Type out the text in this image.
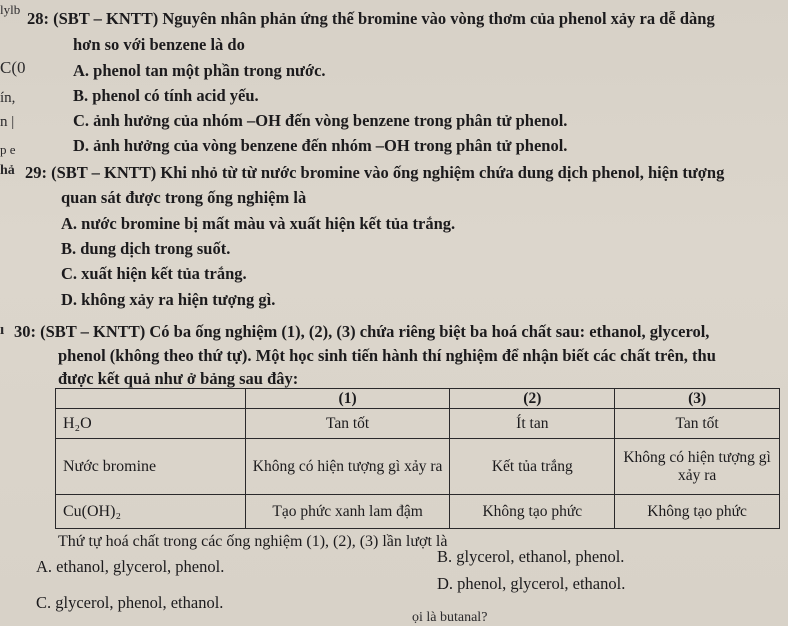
lylb
C(0
ín,
n |
p e
hả
ı
28: (SBT – KNTT) Nguyên nhân phản ứng thế bromine vào vòng thơm của phenol xảy ra dễ dàng
hơn so với benzene là do
A. phenol tan một phần trong nước.
B. phenol có tính acid yếu.
C. ảnh hưởng của nhóm –OH đến vòng benzene trong phân tử phenol.
D. ảnh hưởng của vòng benzene đến nhóm –OH trong phân tử phenol.
29: (SBT – KNTT) Khi nhỏ từ từ nước bromine vào ống nghiệm chứa dung dịch phenol, hiện tượng
quan sát được trong ống nghiệm là
A. nước bromine bị mất màu và xuất hiện kết tủa trắng.
B. dung dịch trong suốt.
C. xuất hiện kết tủa trắng.
D. không xảy ra hiện tượng gì.
30: (SBT – KNTT) Có ba ống nghiệm (1), (2), (3) chứa riêng biệt ba hoá chất sau: ethanol, glycerol,
phenol (không theo thứ tự). Một học sinh tiến hành thí nghiệm để nhận biết các chất trên, thu
được kết quả như ở bảng sau đây:
	(1)	(2)	(3)
H₂O	Tan tốt	Ít tan	Tan tốt
Nước bromine	Không có hiện tượng gì xảy ra	Kết tủa trắng	Không có hiện tượng gì xảy ra
Cu(OH)₂	Tạo phức xanh lam đậm	Không tạo phức	Không tạo phức
Thứ tự hoá chất trong các ống nghiệm (1), (2), (3) lần lượt là
A. ethanol, glycerol, phenol.
B. glycerol, ethanol, phenol.
C. glycerol, phenol, ethanol.
D. phenol, glycerol, ethanol.
ọi là butanal?
